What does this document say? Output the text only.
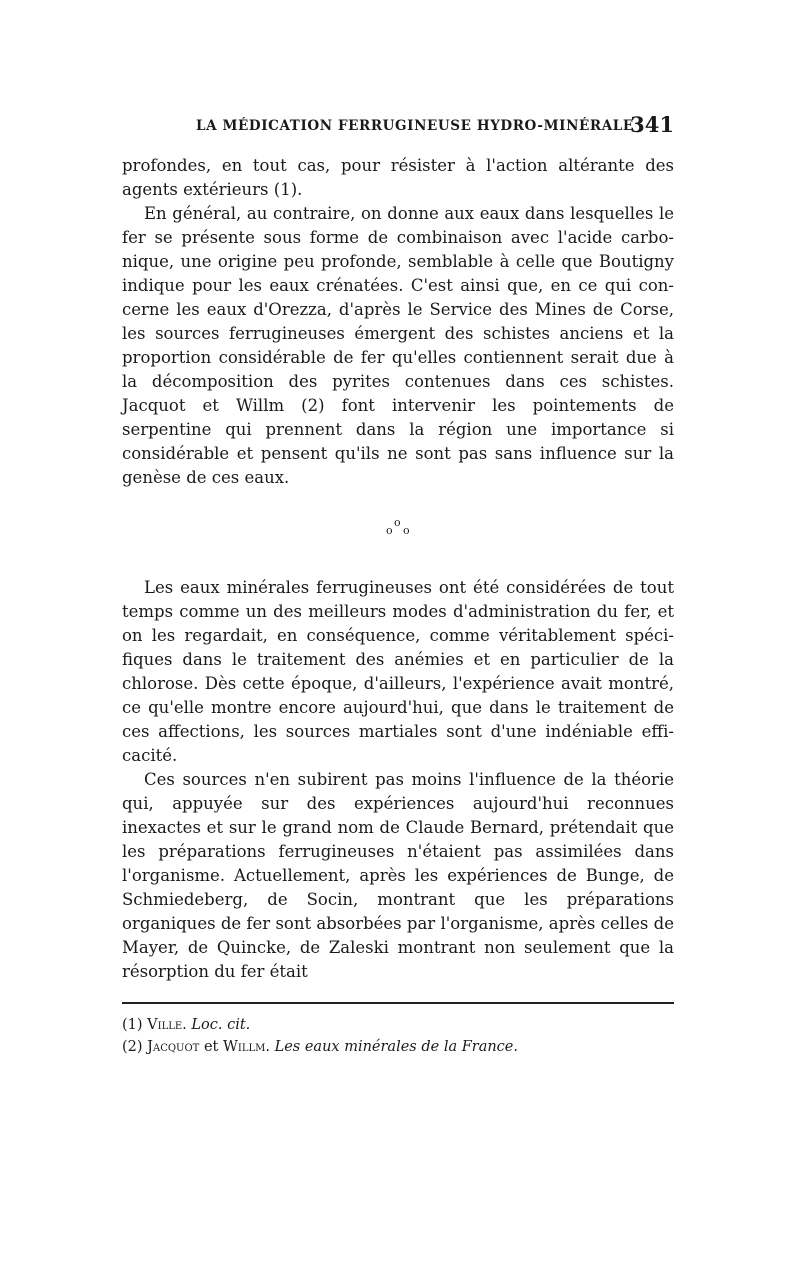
LA MÉDICATION FERRUGINEUSE HYDRO-MINÉRALE
341

profondes, en tout cas, pour résister à l'action altérante des agents extérieurs (1).

En général, au contraire, on donne aux eaux dans lesquelles le fer se présente sous forme de combinaison avec l'acide carbonique, une origine peu profonde, semblable à celle que Boutigny indique pour les eaux crénatées. C'est ainsi que, en ce qui concerne les eaux d'Orezza, d'après le Service des Mines de Corse, les sources ferrugineuses émergent des schistes anciens et la proportion considérable de fer qu'elles contiennent serait due à la décomposition des pyrites contenues dans ces schistes. Jacquot et Willm (2) font intervenir les pointements de serpentine qui prennent dans la région une importance si considérable et pensent qu'ils ne sont pas sans influence sur la genèse de ces eaux.

o
o o

Les eaux minérales ferrugineuses ont été considérées de tout temps comme un des meilleurs modes d'administration du fer, et on les regardait, en conséquence, comme véritablement spécifiques dans le traitement des anémies et en particulier de la chlorose. Dès cette époque, d'ailleurs, l'expérience avait montré, ce qu'elle montre encore aujourd'hui, que dans le traitement de ces affections, les sources martiales sont d'une indéniable efficacité.

Ces sources n'en subirent pas moins l'influence de la théorie qui, appuyée sur des expériences aujourd'hui reconnues inexactes et sur le grand nom de Claude Bernard, prétendait que les préparations ferrugineuses n'étaient pas assimilées dans l'organisme. Actuellement, après les expériences de Bunge, de Schmiedeberg, de Socin, montrant que les préparations organiques de fer sont absorbées par l'organisme, après celles de Mayer, de Quincke, de Zaleski montrant non seulement que la résorption du fer était

(1) Ville. Loc. cit.

(2) Jacquot et Willm. Les eaux minérales de la France.
